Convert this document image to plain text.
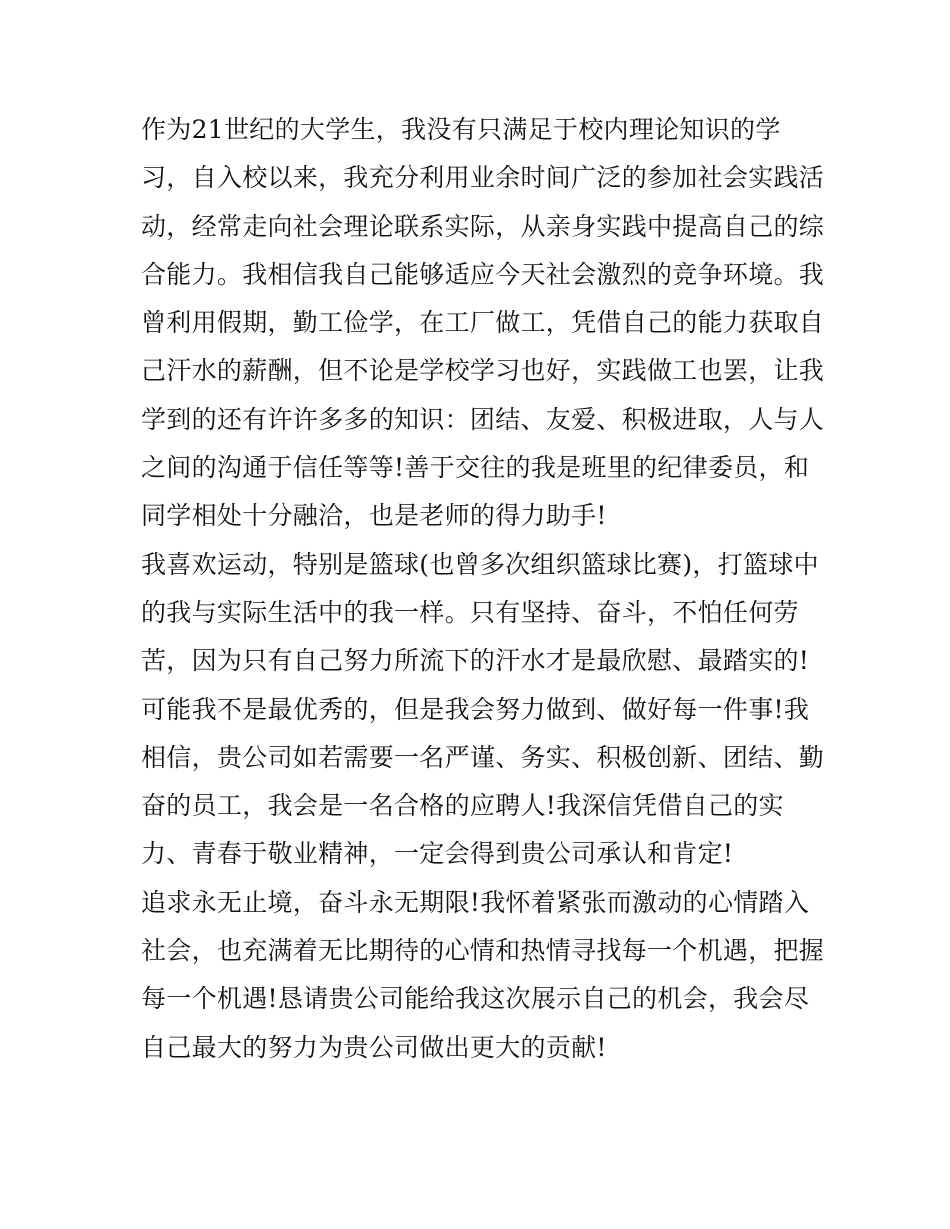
作为21世纪的大学生，我没有只满足于校内理论知识的学
习，自入校以来，我充分利用业余时间广泛的参加社会实践活
动，经常走向社会理论联系实际，从亲身实践中提高自己的综
合能力。我相信我自己能够适应今天社会激烈的竞争环境。我
曾利用假期，勤工俭学，在工厂做工，凭借自己的能力获取自
己汗水的薪酬，但不论是学校学习也好，实践做工也罢，让我
学到的还有许许多多的知识：团结、友爱、积极进取，人与人
之间的沟通于信任等等!善于交往的我是班里的纪律委员，和
同学相处十分融洽，也是老师的得力助手!
我喜欢运动，特别是篮球(也曾多次组织篮球比赛)，打篮球中
的我与实际生活中的我一样。只有坚持、奋斗，不怕任何劳
苦，因为只有自己努力所流下的汗水才是最欣慰、最踏实的!
可能我不是最优秀的，但是我会努力做到、做好每一件事!我
相信，贵公司如若需要一名严谨、务实、积极创新、团结、勤
奋的员工，我会是一名合格的应聘人!我深信凭借自己的实
力、青春于敬业精神，一定会得到贵公司承认和肯定!
追求永无止境，奋斗永无期限!我怀着紧张而激动的心情踏入
社会，也充满着无比期待的心情和热情寻找每一个机遇，把握
每一个机遇!恳请贵公司能给我这次展示自己的机会，我会尽
自己最大的努力为贵公司做出更大的贡献!
